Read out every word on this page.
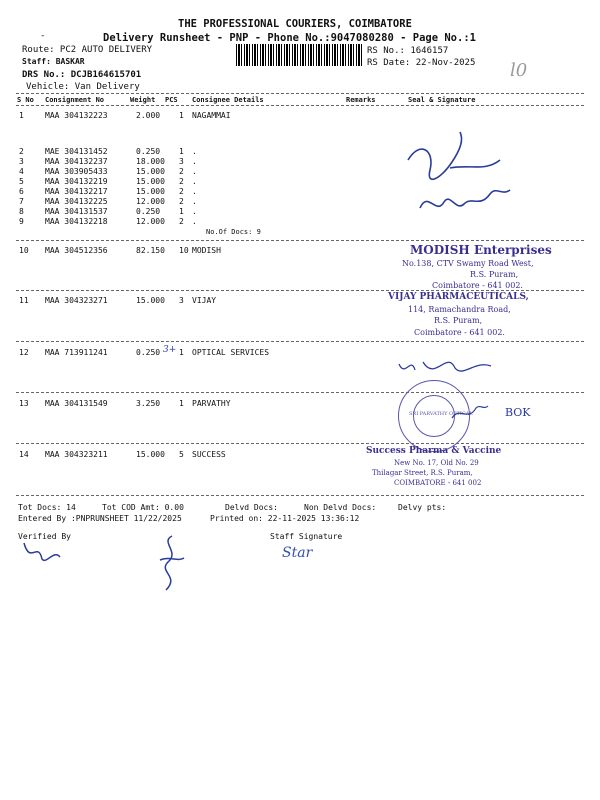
THE PROFESSIONAL COURIERS, COIMBATORE
Delivery Runsheet - PNP - Phone No.:9047080280 - Page No.:1
-
Route: PC2 AUTO DELIVERY
Staff: BASKAR
DRS No.: DCJB164615701
Vehicle: Van Delivery
RS No.: 1646157
RS Date: 22-Nov-2025 l0
S No Consignment No	Weight PCS Consignee Details	Remarks	Seal & Signature
1	MAA 304132223	2.000 1 NAGAMMAI
2	MAE 304131452	0.250 1 .
3	MAA 304132237	18.000 3 .
4	MAA 303905433	15.000 2 .
5	MAA 304132219	15.000 2 .
6	MAA 304132217	15.000 2 .
7	MAA 304132225	12.000 2 .
8	MAA 304131537	0.250 1 .
9	MAA 304132218	12.000 2 .
No.Of Docs: 9
10 MAA 304512356	82.150 10 MODISH
11 MAA 304323271	15.000 3 VIJAY
12 MAA 713911241	0.250 3+ 1 OPTICAL SERVICES
13 MAA 304131549	3.250 1 PARVATHY
14 MAA 304323211	15.000 5 SUCCESS
MODISH Enterprises
No.138, CTV Swamy Road West,
R.S. Puram,
Coimbatore - 641 002.
VIJAY PHARMACEUTICALS,
114, Ramachandra Road,
R.S. Puram,
Coimbatore - 641 002.
SRI PARVATHY OPTICAL	BOK
Success Pharma & Vaccine
New No. 17, Old No. 29
Thilagar Street, R.S. Puram,
COIMBATORE - 641 002
Tot Docs: 14	Tot COD Amt: 0.00	Delvd Docs:	Non Delvd Docs:	Delvy pts:
Entered By :PNPRUNSHEET 11/22/2025	Printed on: 22-11-2025 13:36:12
Verified By	Staff Signature
Star
